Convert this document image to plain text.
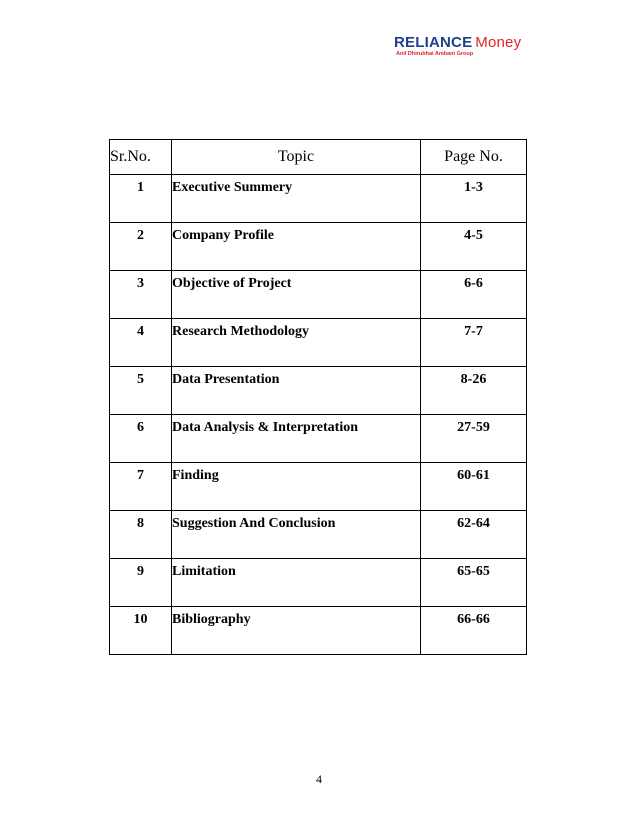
RELIANCE Money
Anil Dhirubhai Ambani Group
Sr.No.	Topic	Page No.
1	Executive Summery	1-3
2	Company Profile	4-5
3	Objective of Project	6-6
4	Research Methodology	7-7
5	Data Presentation	8-26
6	Data Analysis & Interpretation	27-59
7	Finding	60-61
8	Suggestion And Conclusion	62-64
9	Limitation	65-65
10	Bibliography	66-66
4
